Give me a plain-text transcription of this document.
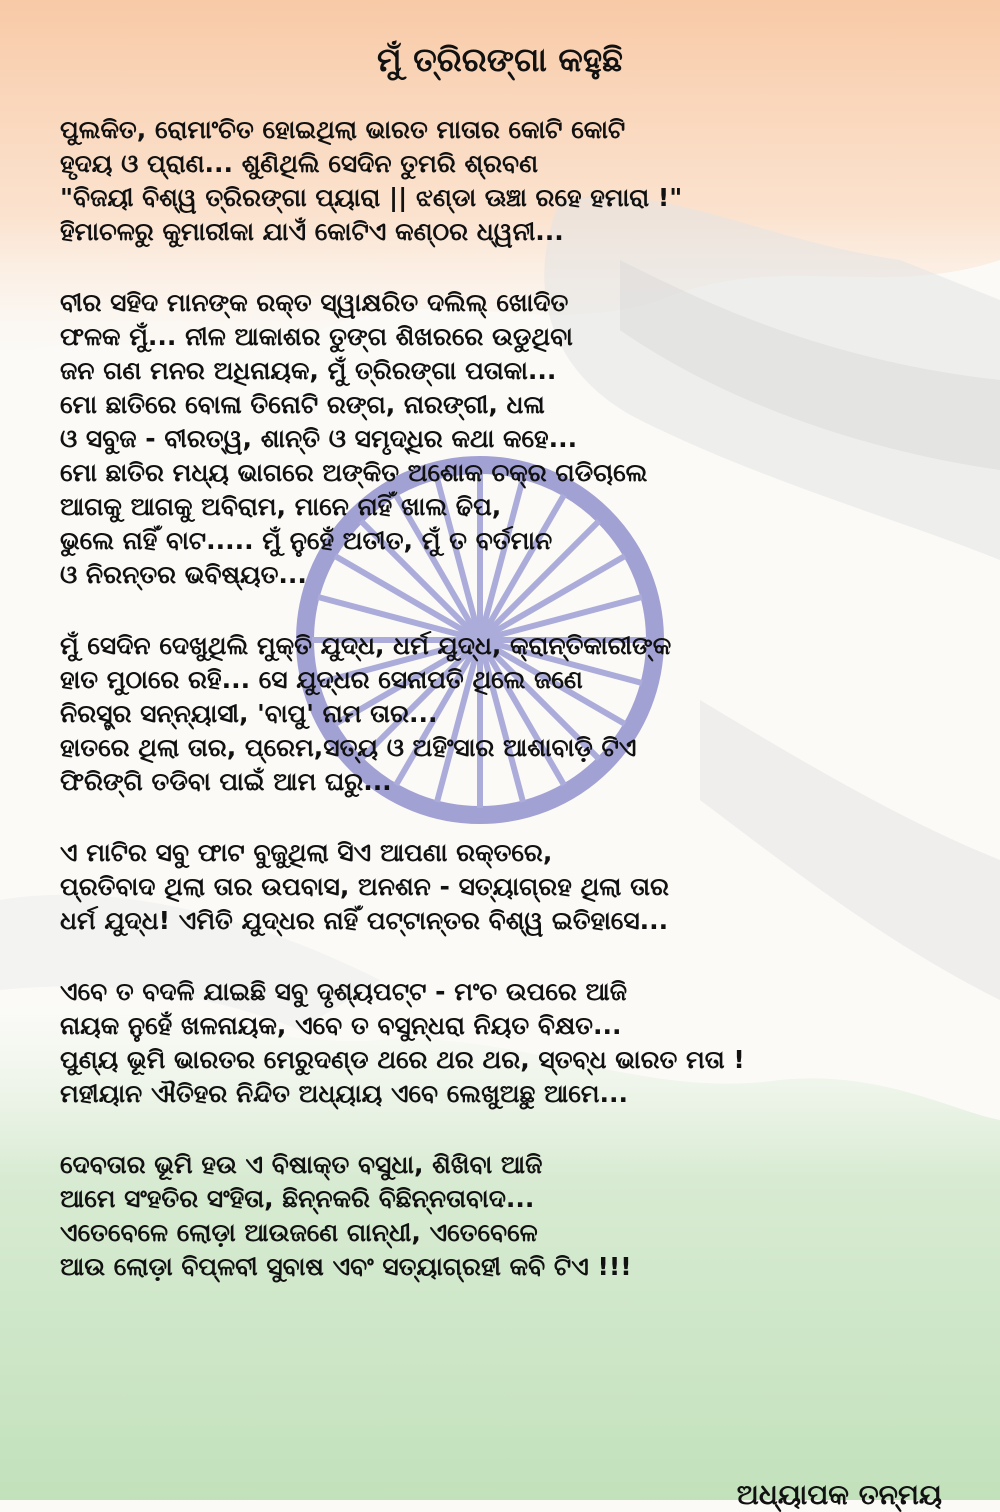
ମୁଁ ତ୍ରିରଙ୍ଗା କହୁଛି
ପୁଲକିତ, ରୋମାଂଚିତ ହୋଇଥିଲା ଭାରତ ମାତାର କୋଟି କୋଟି
ହୃଦୟ ଓ ପ୍ରାଣ... ଶୁଣିଥିଲି ସେଦିନ ତୁମରି ଶ୍ରବଣ
"ବିଜୟୀ ବିଶ୍ୱ ତ୍ରିରଙ୍ଗା ପ୍ୟାରା || ଝଣ୍ଡା ଊଞ୍ଚା ରହେ ହମାରା !"
ହିମାଚଳରୁ କୁମାରୀକା ଯାଏଁ କୋଟିଏ କଣ୍ଠର ଧ୍ୱନୀ...
ବୀର ସହିଦ ମାନଙ୍କ ରକ୍ତ ସ୍ୱାକ୍ଷରିତ ଦଲିଲ୍ ଖୋଦିତ
ଫଳକ ମୁଁ... ନୀଳ ଆକାଶର ତୁଙ୍ଗ ଶିଖରରେ ଉଡୁଥିବା
ଜନ ଗଣ ମନର ଅଧିନାୟକ, ମୁଁ ତ୍ରିରଙ୍ଗା ପତାକା...
ମୋ ଛାତିରେ ବୋଳା ତିନୋଟି ରଙ୍ଗ, ନାରଙ୍ଗୀ, ଧଳା
ଓ ସବୁଜ - ବୀରତ୍ୱ, ଶାନ୍ତି ଓ ସମୃଦ୍ଧିର କଥା କହେ...
ମୋ ଛାତିର ମଧ୍ୟ ଭାଗରେ ଅଙ୍କିତ ଅଶୋକ ଚକ୍ର ଗଡିଚାଲେ
ଆଗକୁ ଆଗକୁ ଅବିରାମ, ମାନେ ନାହିଁ ଖାଲ ଢିପ,
ଭୁଲେ ନାହିଁ ବାଟ..... ମୁଁ ନୁହେଁ ଅତୀତ, ମୁଁ ତ ବର୍ତମାନ
ଓ ନିରନ୍ତର ଭବିଷ୍ୟତ...
ମୁଁ ସେଦିନ ଦେଖୁଥିଲି ମୁକ୍ତି ଯୁଦ୍ଧ, ଧର୍ମ ଯୁଦ୍ଧ, କ୍ରାନ୍ତିକାରୀଙ୍କ
ହାତ ମୁଠାରେ ରହି... ସେ ଯୁଦ୍ଧର ସେନାପତି ଥିଲେ ଜଣେ
ନିରସ୍ତ୍ର ସନ୍ନ୍ୟାସୀ, 'ବାପୁ' ନାମ ତାର...
ହାତରେ ଥିଲା ତାର, ପ୍ରେମ,ସତ୍ୟ ଓ ଅହିଂସାର ଆଶାବାଡ଼ି ଟିଏ
ଫିରିଙ୍ଗି ତଡିବା ପାଇଁ ଆମ ଘରୁ...
ଏ ମାଟିର ସବୁ ଫାଟ ବୁଜୁଥିଲା ସିଏ ଆପଣା ରକ୍ତରେ,
ପ୍ରତିବାଦ ଥିଲା ତାର ଉପବାସ, ଅନଶନ - ସତ୍ୟାଗ୍ରହ ଥିଲା ତାର
ଧର୍ମ ଯୁଦ୍ଧ! ଏମିତି ଯୁଦ୍ଧର ନାହିଁ ପଟ୍ଟାନ୍ତର ବିଶ୍ୱ ଇତିହାସେ...
ଏବେ ତ ବଦଳି ଯାଇଛି ସବୁ ଦୃଶ୍ୟପଟ୍ଟ - ମଂଚ ଉପରେ ଆଜି
ନାୟକ ନୁହେଁ ଖଳନାୟକ, ଏବେ ତ ବସୁନ୍ଧରା ନିୟତ ବିକ୍ଷତ...
ପୁଣ୍ୟ ଭୂମି ଭାରତର ମେରୁଦଣ୍ଡ ଥରେ ଥର ଥର, ସ୍ତବ୍ଧ ଭାରତ ମତା !
ମହୀୟାନ ଐତିହର ନିନ୍ଦିତ ଅଧ୍ୟାୟ ଏବେ ଲେଖୁଅଛୁ ଆମେ...
ଦେବତାର ଭୂମି ହଉ ଏ ବିଷାକ୍ତ ବସୁଧା, ଶିଖିବା ଆଜି
ଆମେ ସଂହତିର ସଂହିତା, ଛିନ୍ନକରି ବିଛିନ୍ନତାବାଦ...
ଏତେବେଳେ ଲୋଡ଼ା ଆଉଜଣେ ଗାନ୍ଧୀ, ଏତେବେଳେ
ଆଉ ଲୋଡ଼ା ବିପ୍ଳବୀ ସୁବାଷ ଏବଂ ସତ୍ୟାଗ୍ରହୀ କବି ଟିଏ !!!
ଅଧ୍ୟାପକ ତନ୍ମୟ
